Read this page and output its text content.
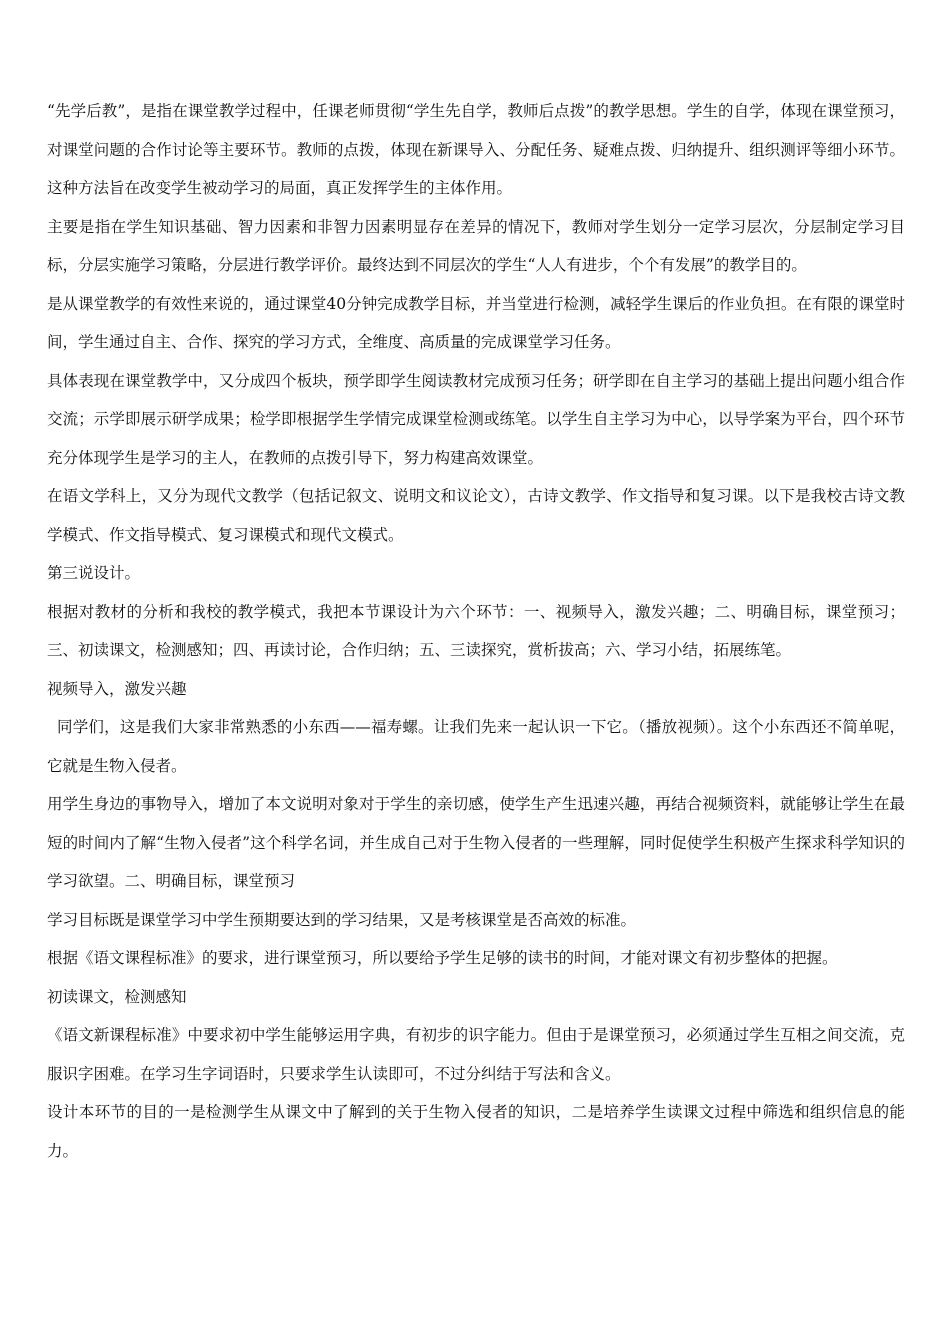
“先学后教”，是指在课堂教学过程中，任课老师贯彻“学生先自学，教师后点拨”的教学思想。学生的自学，体现在课堂预习，对课堂问题的合作讨论等主要环节。教师的点拨，体现在新课导入、分配任务、疑难点拨、归纳提升、组织测评等细小环节。这种方法旨在改变学生被动学习的局面，真正发挥学生的主体作用。

主要是指在学生知识基础、智力因素和非智力因素明显存在差异的情况下，教师对学生划分一定学习层次，分层制定学习目标，分层实施学习策略，分层进行教学评价。最终达到不同层次的学生“人人有进步，个个有发展”的教学目的。

是从课堂教学的有效性来说的，通过课堂40分钟完成教学目标，并当堂进行检测，减轻学生课后的作业负担。在有限的课堂时间，学生通过自主、合作、探究的学习方式，全维度、高质量的完成课堂学习任务。

具体表现在课堂教学中，又分成四个板块，预学即学生阅读教材完成预习任务；研学即在自主学习的基础上提出问题小组合作交流；示学即展示研学成果；检学即根据学生学情完成课堂检测或练笔。以学生自主学习为中心，以导学案为平台，四个环节充分体现学生是学习的主人，在教师的点拨引导下，努力构建高效课堂。

在语文学科上，又分为现代文教学（包括记叙文、说明文和议论文），古诗文教学、作文指导和复习课。以下是我校古诗文教学模式、作文指导模式、复习课模式和现代文模式。

第三说设计。

根据对教材的分析和我校的教学模式，我把本节课设计为六个环节：一、视频导入，激发兴趣；二、明确目标，课堂预习；三、初读课文，检测感知；四、再读讨论，合作归纳；五、三读探究，赏析拔高；六、学习小结，拓展练笔。

视频导入，激发兴趣

同学们，这是我们大家非常熟悉的小东西——福寿螺。让我们先来一起认识一下它。（播放视频）。这个小东西还不简单呢，它就是生物入侵者。

用学生身边的事物导入，增加了本文说明对象对于学生的亲切感，使学生产生迅速兴趣，再结合视频资料，就能够让学生在最短的时间内了解“生物入侵者”这个科学名词，并生成自己对于生物入侵者的一些理解，同时促使学生积极产生探求科学知识的学习欲望。二、明确目标，课堂预习

学习目标既是课堂学习中学生预期要达到的学习结果，又是考核课堂是否高效的标准。

根据《语文课程标准》的要求，进行课堂预习，所以要给予学生足够的读书的时间，才能对课文有初步整体的把握。

初读课文，检测感知

《语文新课程标准》中要求初中学生能够运用字典，有初步的识字能力。但由于是课堂预习，必须通过学生互相之间交流，克服识字困难。在学习生字词语时，只要求学生认读即可，不过分纠结于写法和含义。

设计本环节的目的一是检测学生从课文中了解到的关于生物入侵者的知识，二是培养学生读课文过程中筛选和组织信息的能力。
